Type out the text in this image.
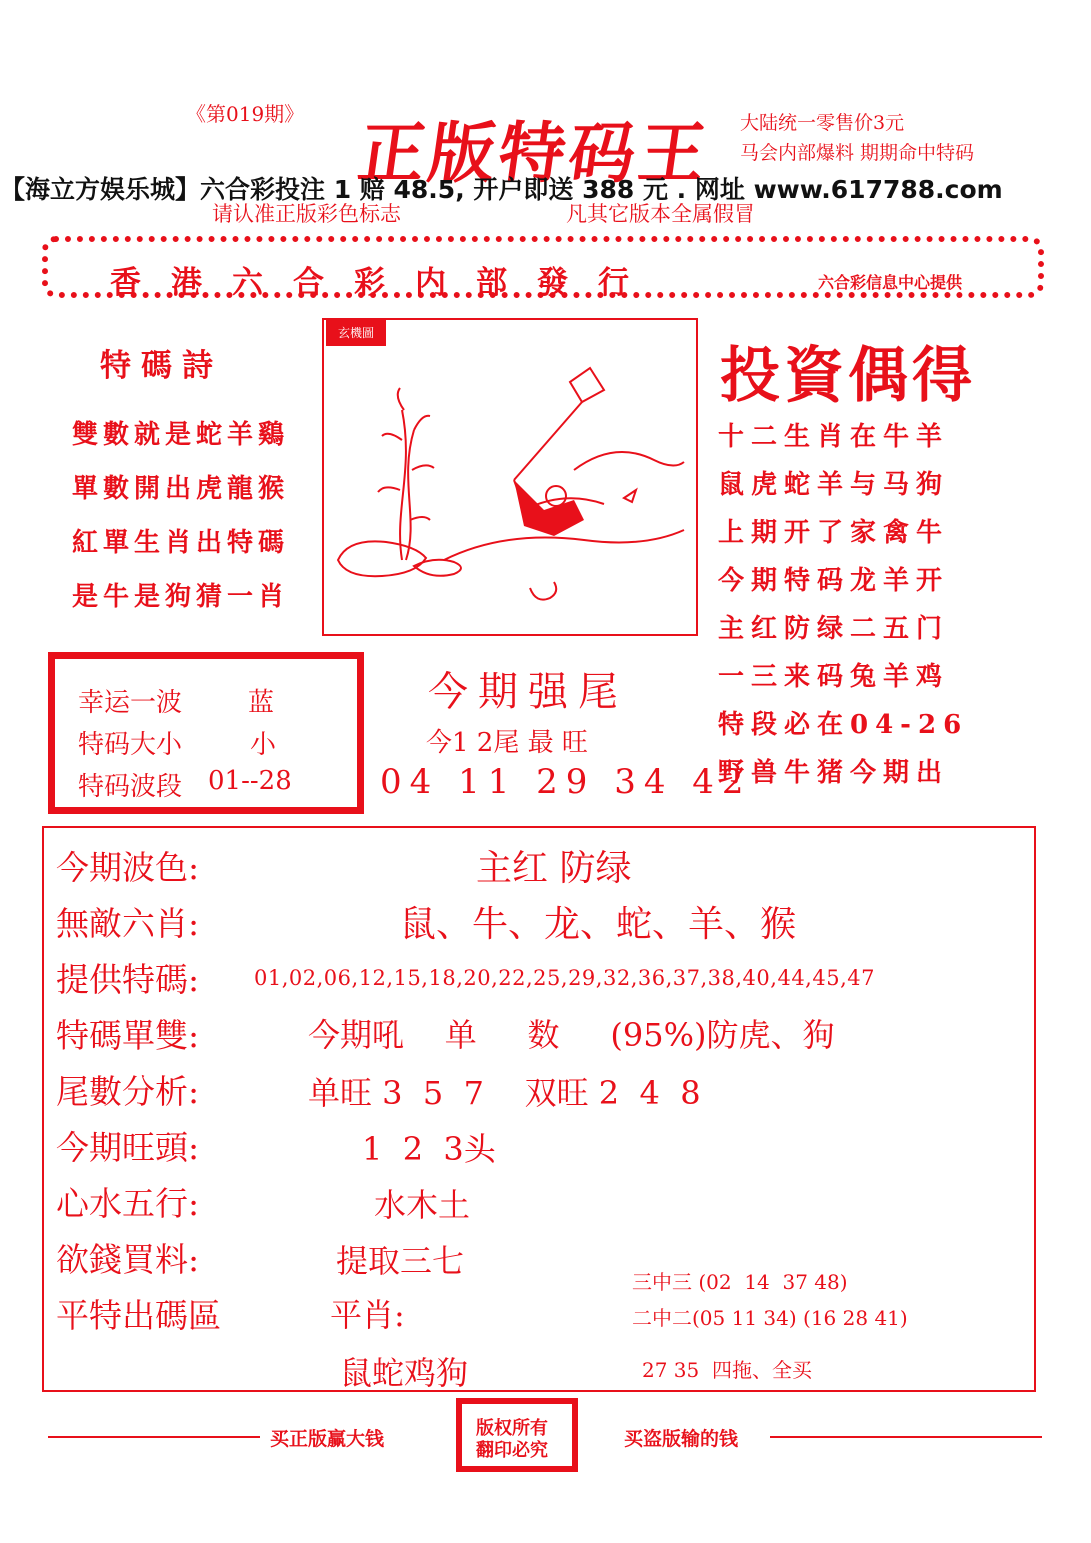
《第019期》 正版特码王 大陆统一零售价3元
马会内部爆料 期期命中特码
【海立方娱乐城】六合彩投注 1 赔 48.5, 开户即送 388 元 . 网址 www.617788.com
请认准正版彩色标志	凡其它版本全属假冒
香港六合彩内部發行	六合彩信息中心提供
特碼詩
雙數就是蛇羊鷄
單數開出虎龍猴
紅單生肖出特碼
是牛是狗猜一肖
玄機圖
投資偶得
十二生肖在牛羊
鼠虎蛇羊与马狗
上期开了家禽牛
今期特码龙羊开
主红防绿二五门
一三来码兔羊鸡
特段必在04-26
野兽牛猪今期出
幸运一波	蓝
特码大小	小
特码波段 01--28
今期强尾
今1 2尾 最 旺
04 11 29 34 42
今期波色:	主红 防绿
無敵六肖:	鼠、牛、龙、蛇、羊、猴
提供特碼:	01,02,06,12,15,18,20,22,25,29,32,36,37,38,40,44,45,47
特碼單雙:	今期吼    单     数     (95%)防虎、狗
尾數分析:	单旺 3  5  7    双旺 2  4  8
今期旺頭:	1  2  3头
心水五行:	水木土
欲錢買料:	提取三七
平特出碼區	平肖:
鼠蛇鸡狗
三中三 (02  14  37 48)
二中二(05 11 34) (16 28 41)
27 35  四拖、全买
买正版赢大钱	买盗版输的钱
版权所有
翻印必究
